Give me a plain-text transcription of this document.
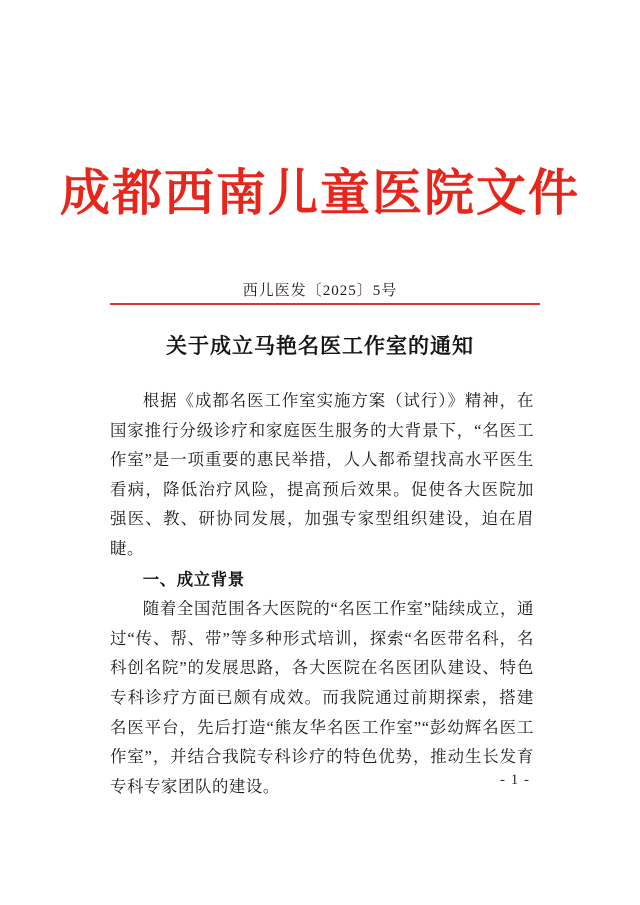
成都西南儿童医院文件
西儿医发〔2025〕5号
关于成立马艳名医工作室的通知

根据《成都名医工作室实施方案（试行）》精神，在国家推行分级诊疗和家庭医生服务的大背景下，“名医工作室”是一项重要的惠民举措，人人都希望找高水平医生看病，降低治疗风险，提高预后效果。促使各大医院加强医、教、研协同发展，加强专家型组织建设，迫在眉睫。

一、成立背景

随着全国范围各大医院的“名医工作室”陆续成立，通过“传、帮、带”等多种形式培训，探索“名医带名科，名科创名院”的发展思路，各大医院在名医团队建设、特色专科诊疗方面已颇有成效。而我院通过前期探索，搭建名医平台，先后打造“熊友华名医工作室”“彭幼辉名医工作室”，并结合我院专科诊疗的特色优势，推动生长发育专科专家团队的建设。	- 1 -
